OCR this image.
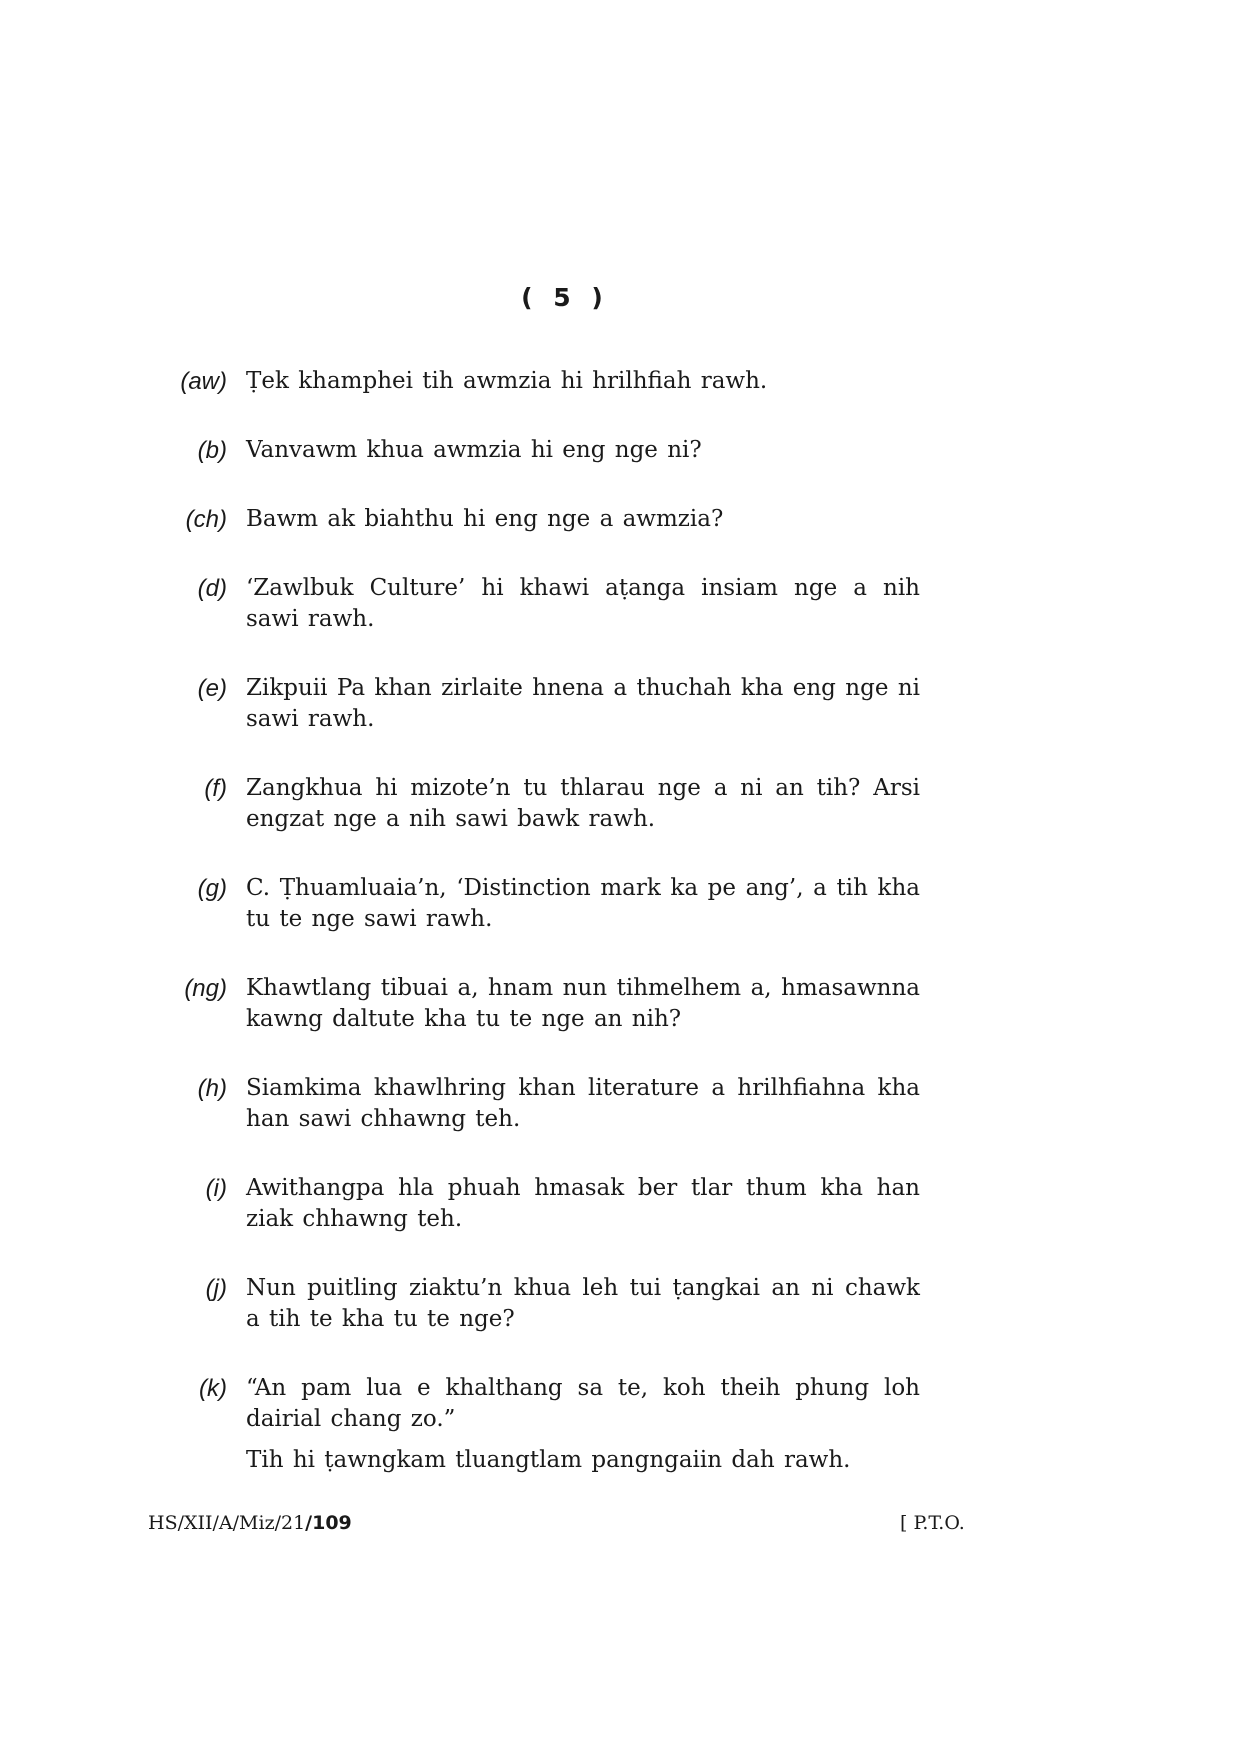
( 5 )
(aw) Ṭek khamphei tih awmzia hi hrilhfiah rawh.
(b) Vanvawm khua awmzia hi eng nge ni?
(ch) Bawm ak biahthu hi eng nge a awmzia?
(d) ‘Zawlbuk Culture’ hi khawi aṭanga insiam nge a nih sawi rawh.
(e) Zikpuii Pa khan zirlaite hnena a thuchah kha eng nge ni sawi rawh.
(f) Zangkhua hi mizote’n tu thlarau nge a ni an tih? Arsi engzat nge a nih sawi bawk rawh.
(g) C. Ṭhuamluaia’n, ‘Distinction mark ka pe ang’, a tih kha tu te nge sawi rawh.
(ng) Khawtlang tibuai a, hnam nun tihmelhem a, hmasawnna kawng daltute kha tu te nge an nih?
(h) Siamkima khawlhring khan literature a hrilhfiahna kha han sawi chhawng teh.
(i) Awithangpa hla phuah hmasak ber tlar thum kha han ziak chhawng teh.
(j) Nun puitling ziaktu’n khua leh tui ṭangkai an ni chawk a tih te kha tu te nge?
(k) “An pam lua e khalthang sa te, koh theih phung loh dairial chang zo.”
Tih hi ṭawngkam tluangtlam pangngaiin dah rawh.
HS/XII/A/Miz/21/109	[ P.T.O.
